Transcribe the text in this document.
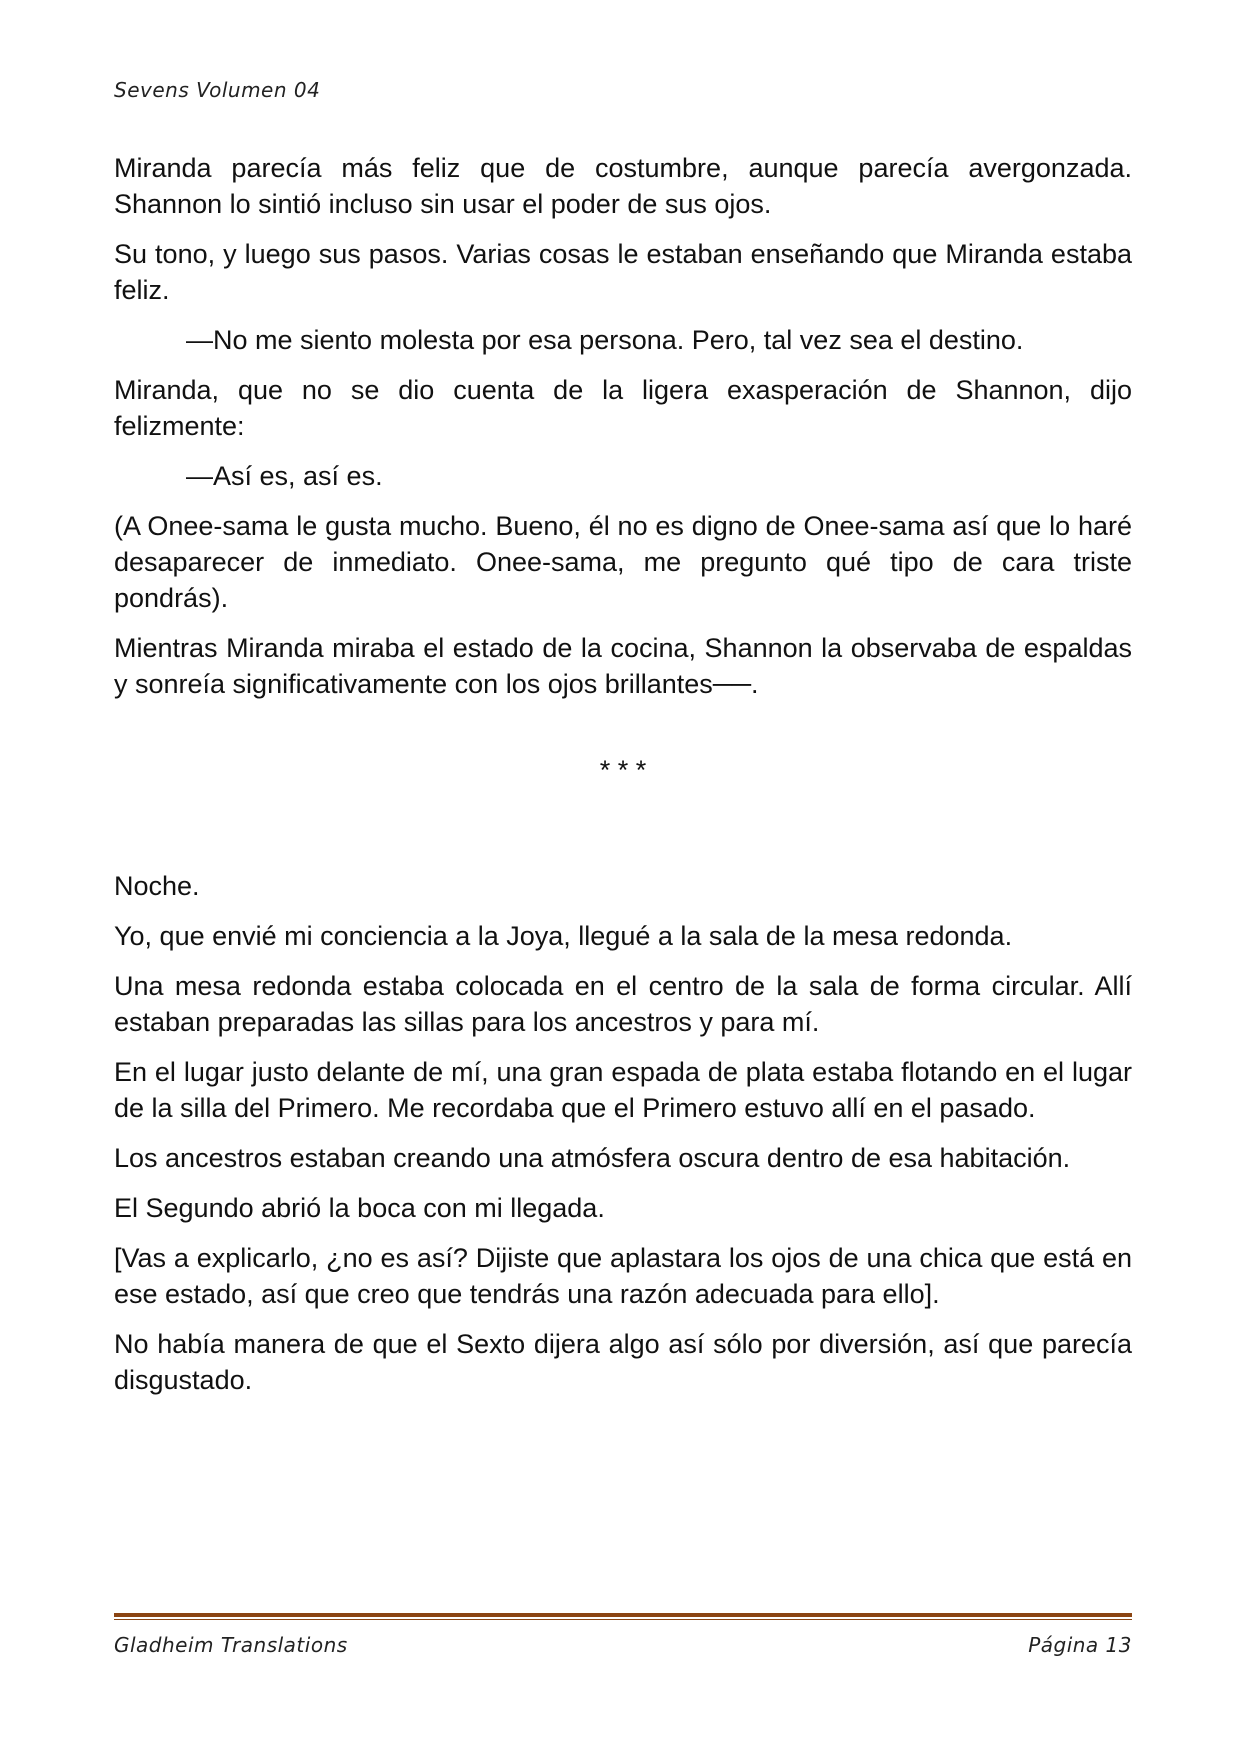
Sevens Volumen 04

Miranda parecía más feliz que de costumbre, aunque parecía avergonzada. Shannon lo sintió incluso sin usar el poder de sus ojos.

Su tono, y luego sus pasos. Varias cosas le estaban enseñando que Miranda estaba feliz.

—No me siento molesta por esa persona. Pero, tal vez sea el destino.

Miranda, que no se dio cuenta de la ligera exasperación de Shannon, dijo felizmente:

—Así es, así es.

(A Onee-sama le gusta mucho. Bueno, él no es digno de Onee-sama así que lo haré desaparecer de inmediato. Onee-sama, me pregunto qué tipo de cara triste pondrás).

Mientras Miranda miraba el estado de la cocina, Shannon la observaba de espaldas y sonreía significativamente con los ojos brillantes──.

* * *

Noche.

Yo, que envié mi conciencia a la Joya, llegué a la sala de la mesa redonda.

Una mesa redonda estaba colocada en el centro de la sala de forma circular. Allí estaban preparadas las sillas para los ancestros y para mí.

En el lugar justo delante de mí, una gran espada de plata estaba flotando en el lugar de la silla del Primero. Me recordaba que el Primero estuvo allí en el pasado.

Los ancestros estaban creando una atmósfera oscura dentro de esa habitación.

El Segundo abrió la boca con mi llegada.

[Vas a explicarlo, ¿no es así? Dijiste que aplastara los ojos de una chica que está en ese estado, así que creo que tendrás una razón adecuada para ello].

No había manera de que el Sexto dijera algo así sólo por diversión, así que parecía disgustado.

Gladheim Translations	Página 13
